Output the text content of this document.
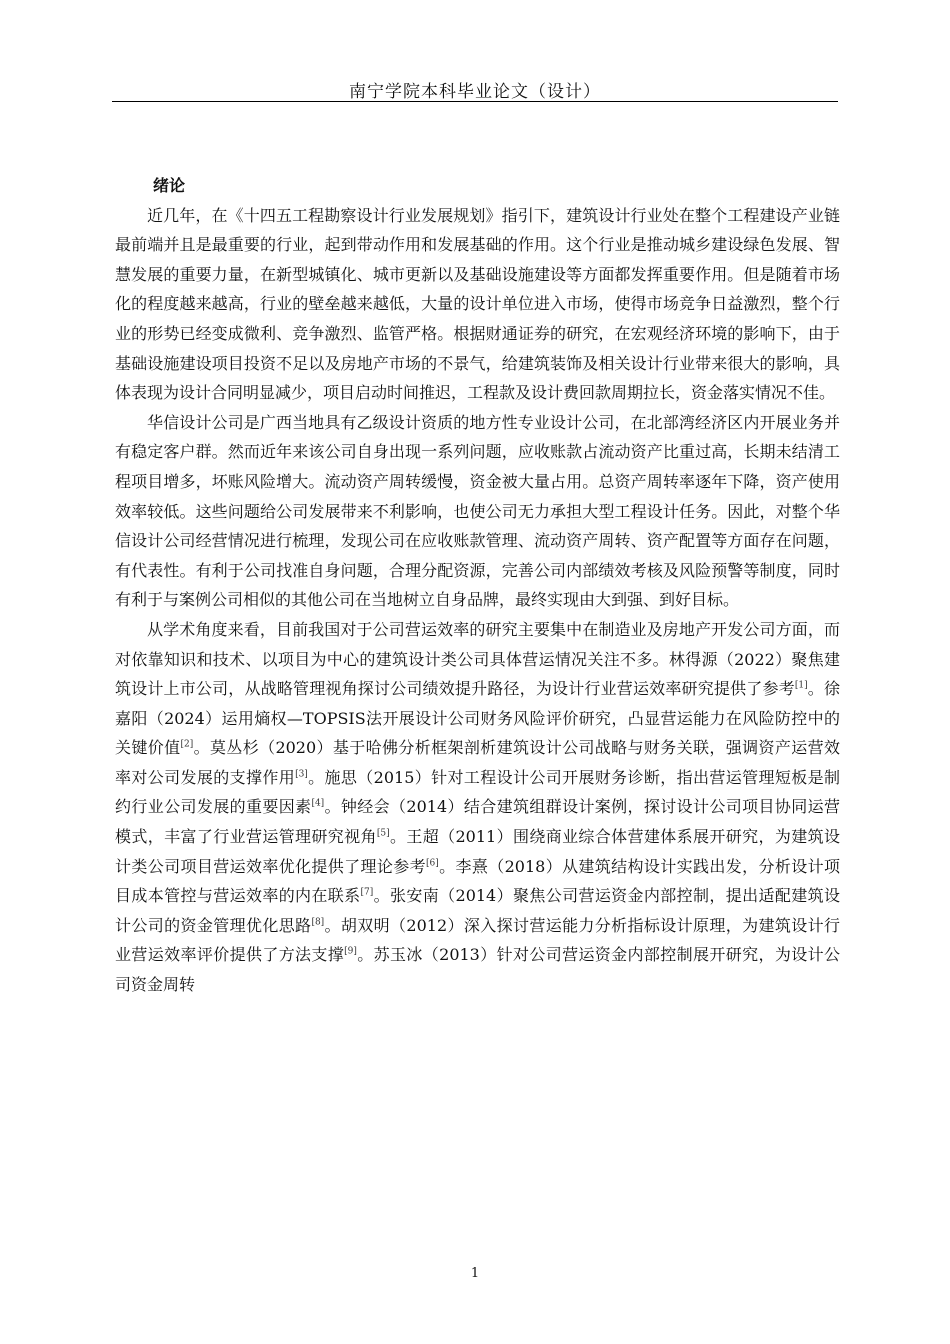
南宁学院本科毕业论文（设计）

绪论

近几年，在《十四五工程勘察设计行业发展规划》指引下，建筑设计行业处在整个工程建设产业链最前端并且是最重要的行业，起到带动作用和发展基础的作用。这个行业是推动城乡建设绿色发展、智慧发展的重要力量，在新型城镇化、城市更新以及基础设施建设等方面都发挥重要作用。但是随着市场化的程度越来越高，行业的壁垒越来越低，大量的设计单位进入市场，使得市场竞争日益激烈，整个行业的形势已经变成微利、竞争激烈、监管严格。根据财通证券的研究，在宏观经济环境的影响下，由于基础设施建设项目投资不足以及房地产市场的不景气，给建筑装饰及相关设计行业带来很大的影响，具体表现为设计合同明显减少，项目启动时间推迟，工程款及设计费回款周期拉长，资金落实情况不佳。

华信设计公司是广西当地具有乙级设计资质的地方性专业设计公司，在北部湾经济区内开展业务并有稳定客户群。然而近年来该公司自身出现一系列问题，应收账款占流动资产比重过高，长期未结清工程项目增多，坏账风险增大。流动资产周转缓慢，资金被大量占用。总资产周转率逐年下降，资产使用效率较低。这些问题给公司发展带来不利影响，也使公司无力承担大型工程设计任务。因此，对整个华信设计公司经营情况进行梳理，发现公司在应收账款管理、流动资产周转、资产配置等方面存在问题，有代表性。有利于公司找准自身问题，合理分配资源，完善公司内部绩效考核及风险预警等制度，同时有利于与案例公司相似的其他公司在当地树立自身品牌，最终实现由大到强、到好目标。

从学术角度来看，目前我国对于公司营运效率的研究主要集中在制造业及房地产开发公司方面，而对依靠知识和技术、以项目为中心的建筑设计类公司具体营运情况关注不多。林得源（2022）聚焦建筑设计上市公司，从战略管理视角探讨公司绩效提升路径，为设计行业营运效率研究提供了参考[1]。徐嘉阳（2024）运用熵权—TOPSIS法开展设计公司财务风险评价研究，凸显营运能力在风险防控中的关键价值[2]。莫丛杉（2020）基于哈佛分析框架剖析建筑设计公司战略与财务关联，强调资产运营效率对公司发展的支撑作用[3]。施思（2015）针对工程设计公司开展财务诊断，指出营运管理短板是制约行业公司发展的重要因素[4]。钟经会（2014）结合建筑组群设计案例，探讨设计公司项目协同运营模式，丰富了行业营运管理研究视角[5]。王超（2011）围绕商业综合体营建体系展开研究，为建筑设计类公司项目营运效率优化提供了理论参考[6]。李熹（2018）从建筑结构设计实践出发，分析设计项目成本管控与营运效率的内在联系[7]。张安南（2014）聚焦公司营运资金内部控制，提出适配建筑设计公司的资金管理优化思路[8]。胡双明（2012）深入探讨营运能力分析指标设计原理，为建筑设计行业营运效率评价提供了方法支撑[9]。苏玉冰（2013）针对公司营运资金内部控制展开研究，为设计公司资金周转

1
